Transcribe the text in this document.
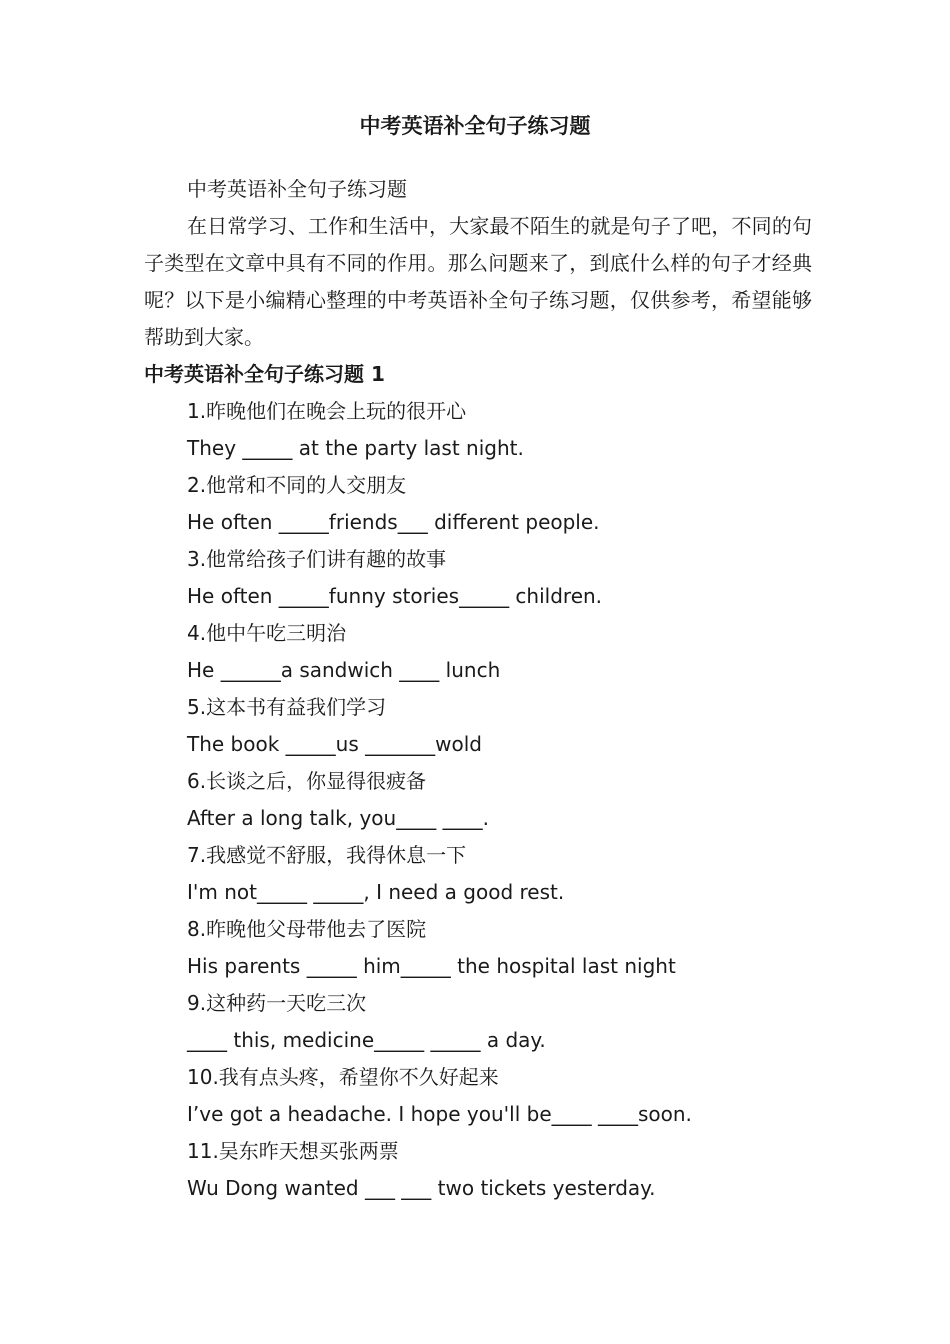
中考英语补全句子练习题

中考英语补全句子练习题

在日常学习、工作和生活中，大家最不陌生的就是句子了吧，不同的句子类型在文章中具有不同的作用。那么问题来了，到底什么样的句子才经典呢？以下是小编精心整理的中考英语补全句子练习题，仅供参考，希望能够帮助到大家。

中考英语补全句子练习题 1

1.昨晚他们在晚会上玩的很开心

They _____ at the party last night.

2.他常和不同的人交朋友

He often _____friends___ different people.

3.他常给孩子们讲有趣的故事

He often _____funny stories_____ children.

4.他中午吃三明治

He ______a sandwich ____ lunch

5.这本书有益我们学习

The book _____us _______wold

6.长谈之后，你显得很疲备

After a long talk, you____ ____.

7.我感觉不舒服，我得休息一下

I'm not_____ _____, I need a good rest.

8.昨晚他父母带他去了医院

His parents _____ him_____ the hospital last night

9.这种药一天吃三次

____ this, medicine_____ _____ a day.

10.我有点头疼，希望你不久好起来

I’ve got a headache. I hope you'll be____ ____soon.

11.吴东昨天想买张两票

Wu Dong wanted ___ ___ two tickets yesterday.
